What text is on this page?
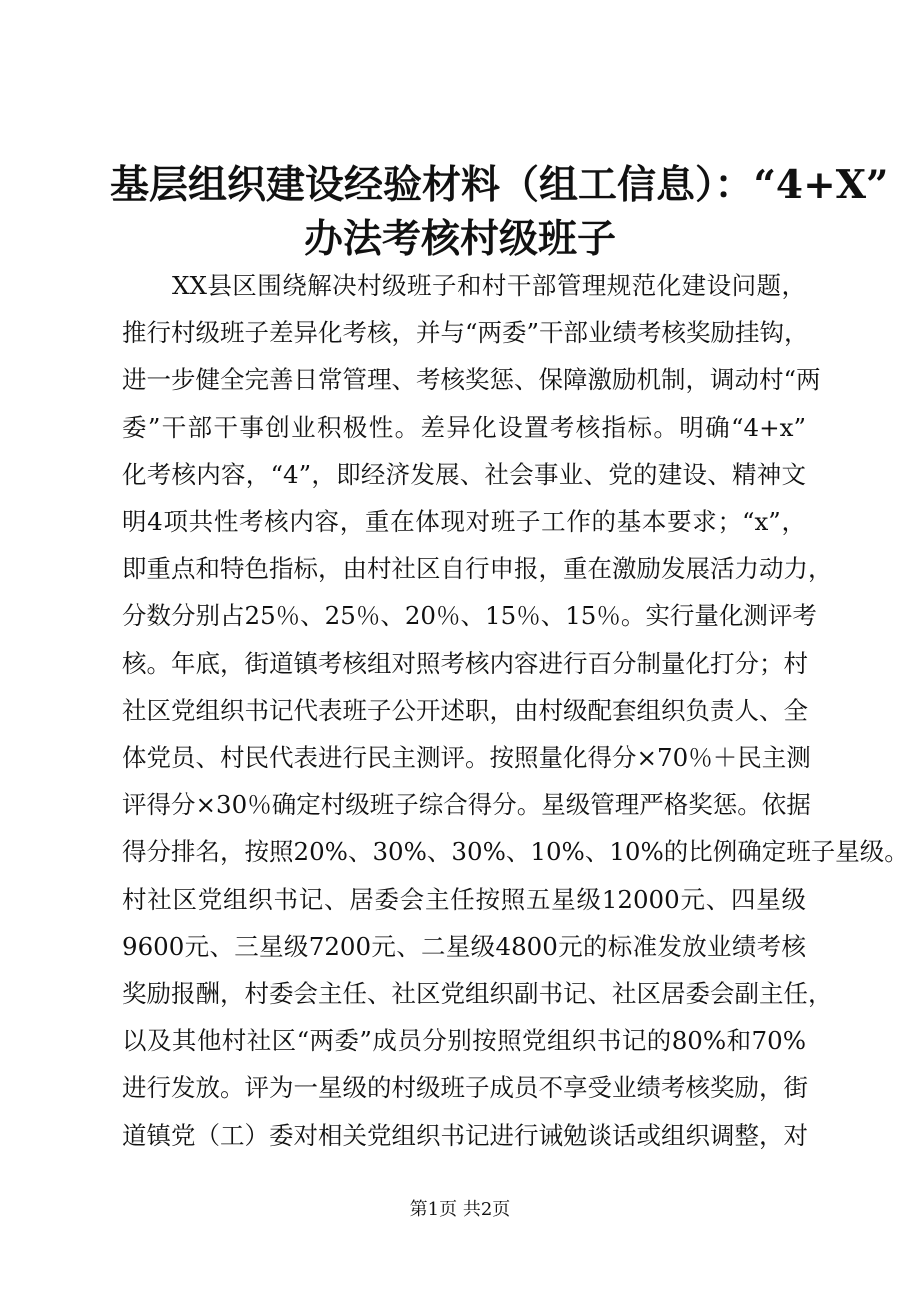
基层组织建设经验材料（组工信息）：“4+X”
办法考核村级班子
XX县区围绕解决村级班子和村干部管理规范化建设问题，
推行村级班子差异化考核，并与“两委”干部业绩考核奖励挂钩，
进一步健全完善日常管理、考核奖惩、保障激励机制，调动村“两
委”干部干事创业积极性。差异化设置考核指标。明确“4+x”
化考核内容，“4”，即经济发展、社会事业、党的建设、精神文
明4项共性考核内容，重在体现对班子工作的基本要求；“x”，
即重点和特色指标，由村社区自行申报，重在激励发展活力动力，
分数分别占25％、25％、20％、15％、15％。实行量化测评考
核。年底，街道镇考核组对照考核内容进行百分制量化打分；村
社区党组织书记代表班子公开述职，由村级配套组织负责人、全
体党员、村民代表进行民主测评。按照量化得分×70％＋民主测
评得分×30％确定村级班子综合得分。星级管理严格奖惩。依据
得分排名，按照20%、30%、30%、10%、10%的比例确定班子星级。
村社区党组织书记、居委会主任按照五星级12000元、四星级
9600元、三星级7200元、二星级4800元的标准发放业绩考核
奖励报酬，村委会主任、社区党组织副书记、社区居委会副主任，
以及其他村社区“两委”成员分别按照党组织书记的80%和70%
进行发放。评为一星级的村级班子成员不享受业绩考核奖励，街
道镇党（工）委对相关党组织书记进行诫勉谈话或组织调整，对
第1页 共2页
